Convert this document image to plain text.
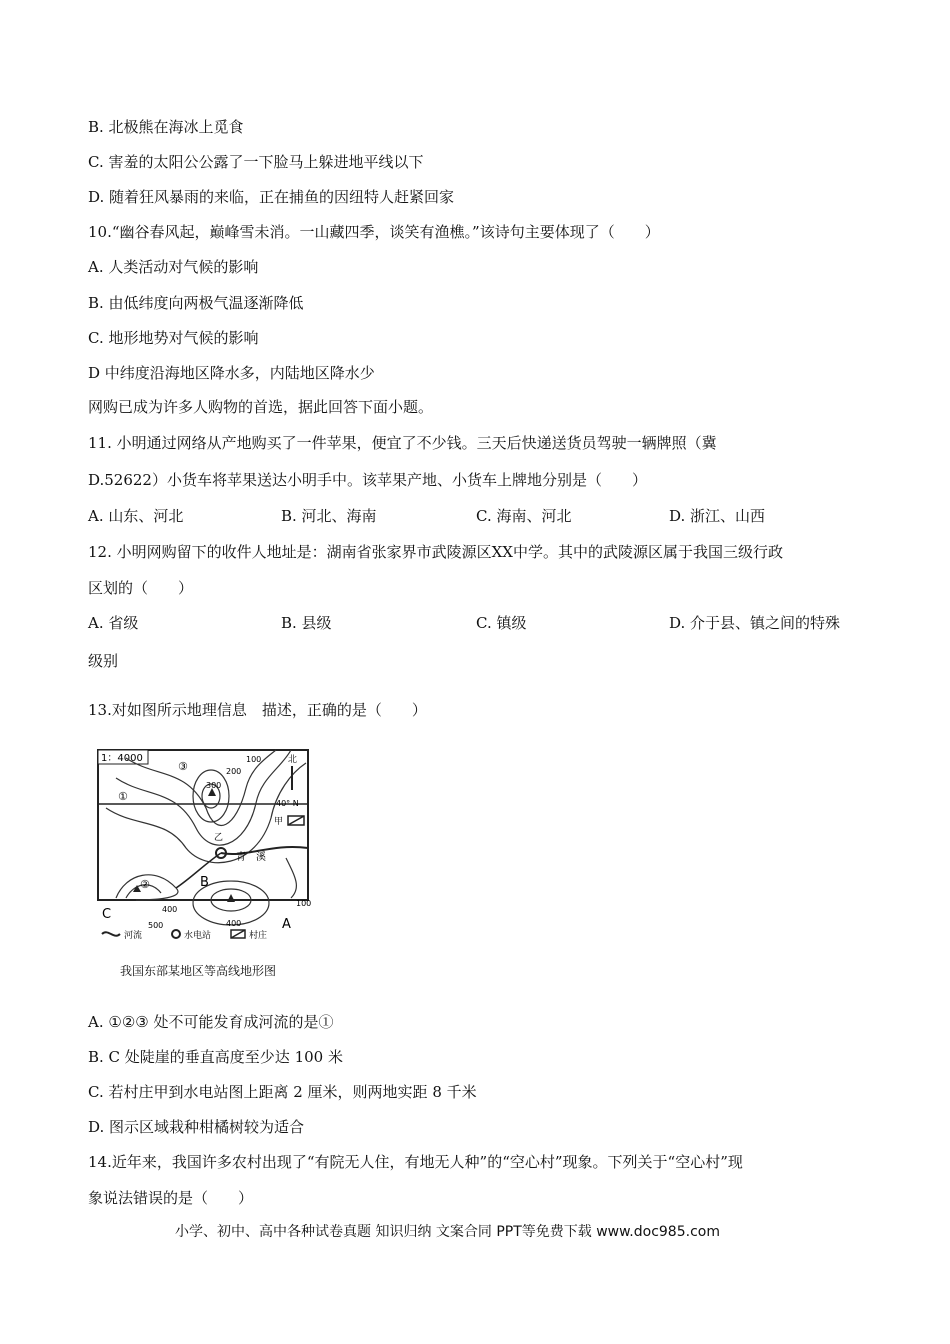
B. 北极熊在海冰上觅食
C. 害羞的太阳公公露了一下脸马上躲进地平线以下
D. 随着狂风暴雨的来临，正在捕鱼的因纽特人赶紧回家
10.“幽谷春风起，巅峰雪未消。一山藏四季，谈笑有渔樵。”该诗句主要体现了（　　）
A. 人类活动对气候的影响
B. 由低纬度向两极气温逐渐降低
C. 地形地势对气候的影响
D 中纬度沿海地区降水多，内陆地区降水少
网购已成为许多人购物的首选，据此回答下面小题。
11. 小明通过网络从产地购买了一件苹果，便宜了不少钱。三天后快递送货员驾驶一辆牌照（冀
D.52622）小货车将苹果送达小明手中。该苹果产地、小货车上牌地分别是（　　）
A. 山东、河北	B. 河北、海南	C. 海南、河北	D. 浙江、山西
12. 小明网购留下的收件人地址是：湖南省张家界市武陵源区XX中学。其中的武陵源区属于我国三级行政
区划的（　　）
A. 省级	B. 县级	C. 镇级	D. 介于县、镇之间的特殊
级别
13.对如图所示地理信息　描述，正确的是（　　）
1：4000	北
40° N
甲
乙
青　溪
①
②
③
A
B
C
100
100
200
300
400
400
500
河流	水电站	村庄
我国东部某地区等高线地形图
A. ①②③ 处不可能发育成河流的是①
B. C 处陡崖的垂直高度至少达 100 米
C. 若村庄甲到水电站图上距离 2 厘米，则两地实距 8 千米
D. 图示区域栽种柑橘树较为适合
14.近年来，我国许多农村出现了“有院无人住，有地无人种”的“空心村”现象。下列关于“空心村”现
象说法错误的是（　　）
小学、初中、高中各种试卷真题 知识归纳 文案合同 PPT等免费下载 www.doc985.com
